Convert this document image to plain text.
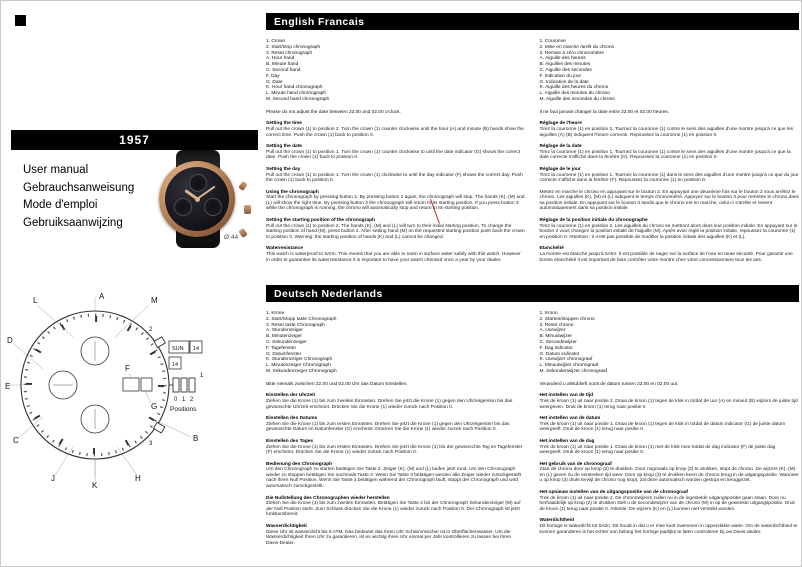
1957
User manual
Gebrauchsanweisung
Mode d'emploi
Gebruiksaanwijzing
Ø 44
L	A	M
D
E
B
F
G
C
J
K
H
1
2
3
0 1 2
Positions
SUN 14
14
English Francais
1. Crown
2. Start/stop chronograph
3. Reset chronograph
A. Hour hand
B. Minute hand
C. Second hand
F. Day
G. Date
K. Hour hand chronograph
L. Minute hand chronograph
M. Second hand chronograph

Please do not adjust the date between 22.00 and 02.00 o'clock.

Setting the time

Pull out the crown (1) to position 2. Turn the crown (1) counter clockwise until the hour (A) and minute (B) hands show the correct time. Push the crown (1) back to position 0.

Setting the date

Pull out the crown (1) to position 1. Turn the crown (1) counter clockwise to until the date indicator (G) shows the correct date. Push the crown (1) back to position 0.

Setting the day

Pull out the crown (1) to position 1. Turn the crown (1) clockwise to until the day indicator (F) shows the correct day. Push the crown (1) back to position 0.

Using the chronograph

Start the chronograph by pressing button 2. By pressing button 2 again, the chronograph will stop. The hands (K), (M) and (L) will show the right time. By pressing button 3 the chronograph will return to its starting position. If you press button 3 while the chronograph is running, the chrono will automatically stop and return to its starting position.

Setting the starting position of the chronograph

Pull out the crown (1) to position 2. The hands (K), (M) and (L) will turn to their initial starting position. To change the starting position of hand (M), press button 2. After setting hand (M) on the requested starting position push back the crown to position 0. Warning: the starting position of hands (K) and (L) cannot be changed.

Waterresistance

This watch is waterproof to 5Atm. This means that you are able to swim in surface water safely with this watch. However in order to guarantee its waterresistance it is important to have your watch checked once a year by your dealer.

1. Couronne
2. Mise en marche /arrêt du chrono
3. Remise à zéro chronomètre
A. Aiguille des heures
B. Aiguilles des minutes
C. Aiguille des secondes
F. Indication du jour
G. Indication de la date
K. Aiguille des heures du chrono
L. Aiguille des minutes du chrono
M. Aiguille des secondes du chrono

Il ne faut jamais changer la date entre 22.00 et 02.00 heures.

Réglage de l'heure

Tirez la couronne (1) en position 2. Tournez la couronne (1) contre le sens des aiguilles d'une montre jusqu'à ce que les aiguilles (A) (B) indiquent l'heure correcte. Repoussez la couronne (1) en position 0.

Réglage de la date

Tirez la couronne (1) en position 1. Tournez la couronne (1) contre le sens des aiguilles d'une montre jusqu'à ce que la date correcte s'affiche dans la fenêtre (G). Repoussez la couronne (1) en position 0.

Réglage de le jour

Tirez la couronne (1) en position 1. Tournez la couronne (1) dans le sens des aiguilles d'une montre jusqu'à ce que du jour correcte s'affiche dans la fenêtre (F). Repoussez la couronne (1) en position 0.

Mettez en marche le chrono en appuyant sur le bouton 2. En appuyant une deuxième fois sur le bouton 2 vous arrêtez le chrono. Les aiguilles (K), (M) et (L) indiquent le temps chronométré. Appuyez sur le bouton 3 pour remettre le chrono dans sa position initiale. En appuyant sur le bouton 3 tandis que le chrono est en marche, celui-ci s'arrête et revient automatiquement dans sa position initiale.

Réglage de la position initiale du chronographe

Tirez la couronne (1) en position 2. Les aiguilles du chrono se mettront alors dans leur position initiale. En appuyant sur le bouton 2 vous changez la position initiale de l'aiguille (M). Après avoir réglé la position initiale, repoussez la couronne (1) en position 0. Attention : il n'est pas possible de modifier la position initiale des aiguilles (K) et (L).

Etanchéité

La montre est étanche jusqu'à 5Atm. Il est possible de nager sur la surface de l'eau en toute sécurité. Pour garantir une bonne étanchéité il est important de faire contrôler votre montre chez votre concessionnaire tous les ans.

Deutsch Nederlands
1. Krone
2. Start/Stopp taste Chronograph
3. Reset taste Chronograph
A. Stundenzeiger
B. Minutenzeiger
C. Sekundenzeiger
F. Tagefenster
G. Datumfenster
K. Stundenzeiger Chronograph
L. Minutenzeiger Chronograph
M. Sekundenzeiger Chronograph

Bitte niemals zwischen 22.00 und 02.00 Uhr das Datum Einstellen.

Einstellen der Uhrzeit

Ziehen Sie die Krone (1) bis zum zweiten Einrasten. Drehen Sie jetzt die Krone (1) gegen den Uhrzeigersinn bis das gewünschte Uhrzeit erscheint. Drücken Sie die Krone (1) wieder zurück nach Position 0.

Einstellen des Datums

Ziehen Sie die Krone (1) bis zum ersten Einrasten. Drehen Sie jetzt die Krone (1) gegen den Uhrzeigersinn bis das gewünschte Datum im Datumfenster (G) erscheint. Drücken Sie die Krone (1) wieder zurück nach Position 0.

Einstellen des Tages

Ziehen Sie die Krone (1) bis zum ersten Einrasten. Drehen Sie jetzt die Krone (1) bis der gewünschte Tag im Tagefenster (F) erscheint. Drücken Sie die Krone (1) wieder zurück nach Position 0.

Bedienung des Chronograph

Um den Chronograph zu starten betätigen Sie Taste 2. Zeiger (K), (M) und (L) laufen jetzt rund. Um den Chronograph wieder zu stoppen betätigen Sie nochmals Taste 2. Wenn Sie Taste 3 betätigen werden alle Zeiger wieder zurückgestellt nach ihren Null Position. Wenn Sie Taste 3 betätigen während der Chronograph läuft, stoppt der Chronograph und wird automatisch zurückgestellt.

Die Nullstellung des Chronographen wieder herstellen

Ziehen Sie die Krone (1) bis zum zweiten Einrasten. Betätigen Sie Taste 2 bis der Chronograph Sekundenzeiger (M) auf der Null Position steht. Zum Schluss drücken Sie die Krone (1) wieder zurück nach Position 0. Der Chronograph ist jetzt funktionsbereit.

Wasserdichtigkeit

Diese Uhr ist wasserdicht bis 5 ATM. Das bedeutet das Ihren Uhr Schwimmsicher ist in Oberflächenwasser. Um die Wasserdichtigkeit Ihren Uhr zu garantieren, ist es wichtig ihren Uhr einmal per Jahr kontrollieren zu lassen bei Ihren Davis-Dealer.

1. Kroon
2. Starten/stoppen chrono
3. Reset chrono
A. Uurwijzer
B. Minuutwijzer
C. Secondewijzer
F. Dag indicator
G. Datum indicator
K. Uurwijzer chronograaf
L. Minuutwijzer chronograaf
M. Sekondenwijzer chronograaf

Veranderd u alstublieft nooit de datum tussen 22.00 en 02.00 uur.

Het instellen van de tijd

Trek de kroon (1) uit naar positie 2. Draai de kroon (1) tegen de klok in totdat de uur (A) en minuut (B) wijzers de juiste tijd weergeven. Druk de kroon (1) terug naar positie 0.

Het instellen van de datum

Trek de kroon (1) uit naar positie 1. Draai de kroon (1) tegen de klok in totdat de datum indicator (G) de juiste datum weergeeft. Druk de kroon (1) terug naar positie 0.

Het instellen van de dag

Trek de kroon (1) uit naar positie 1. Draai de kroon (1) met de klok mee totdat de dag indicator (F) de juiste dag weergeeft. Druk de kroon (1) terug naar positie 0.

Het gebruik van de chronograaf

Start de chrono door op knop (2) te drukken. Door nogmaals op knop (2) te drukken, stopt de chrono. De wijzers (K), (M) en (L) geven nu de verstreken tijd weer. Door op knop (3) te drukken keert de chrono terug in de uitgangspositie. Wanneer u op knop (3) drukt terwijl de chrono nog loopt, zal deze automatisch worden gestopt en teruggezet.

Het opnieuw instellen van de uitgangspositie van de chronograaf

Trek de kroon (1) uit naar positie 2. De chronowijzers zullen nu in de ingestelde uitgangspositie gaan staan. Door nu herhaaldelijk op knop (2) te drukken stelt u de secondewijzer van de chrono (M) in op de gewenste uitgangspositie. Druk de kroon (1) terug naar positie 0. Attentie: De wijzers (K) en (L) kunnen niet versteld worden.

Waterdichtheid

Dit horloge is waterdicht tot 5Atm. Dit houdt in dat u er mee kunt zwemmen in oppervlakte water. Om de waterdichtheid te kunnen garanderen is het echter van belang het horloge jaarlijks te laten controleren bij uw Davis-dealer.
